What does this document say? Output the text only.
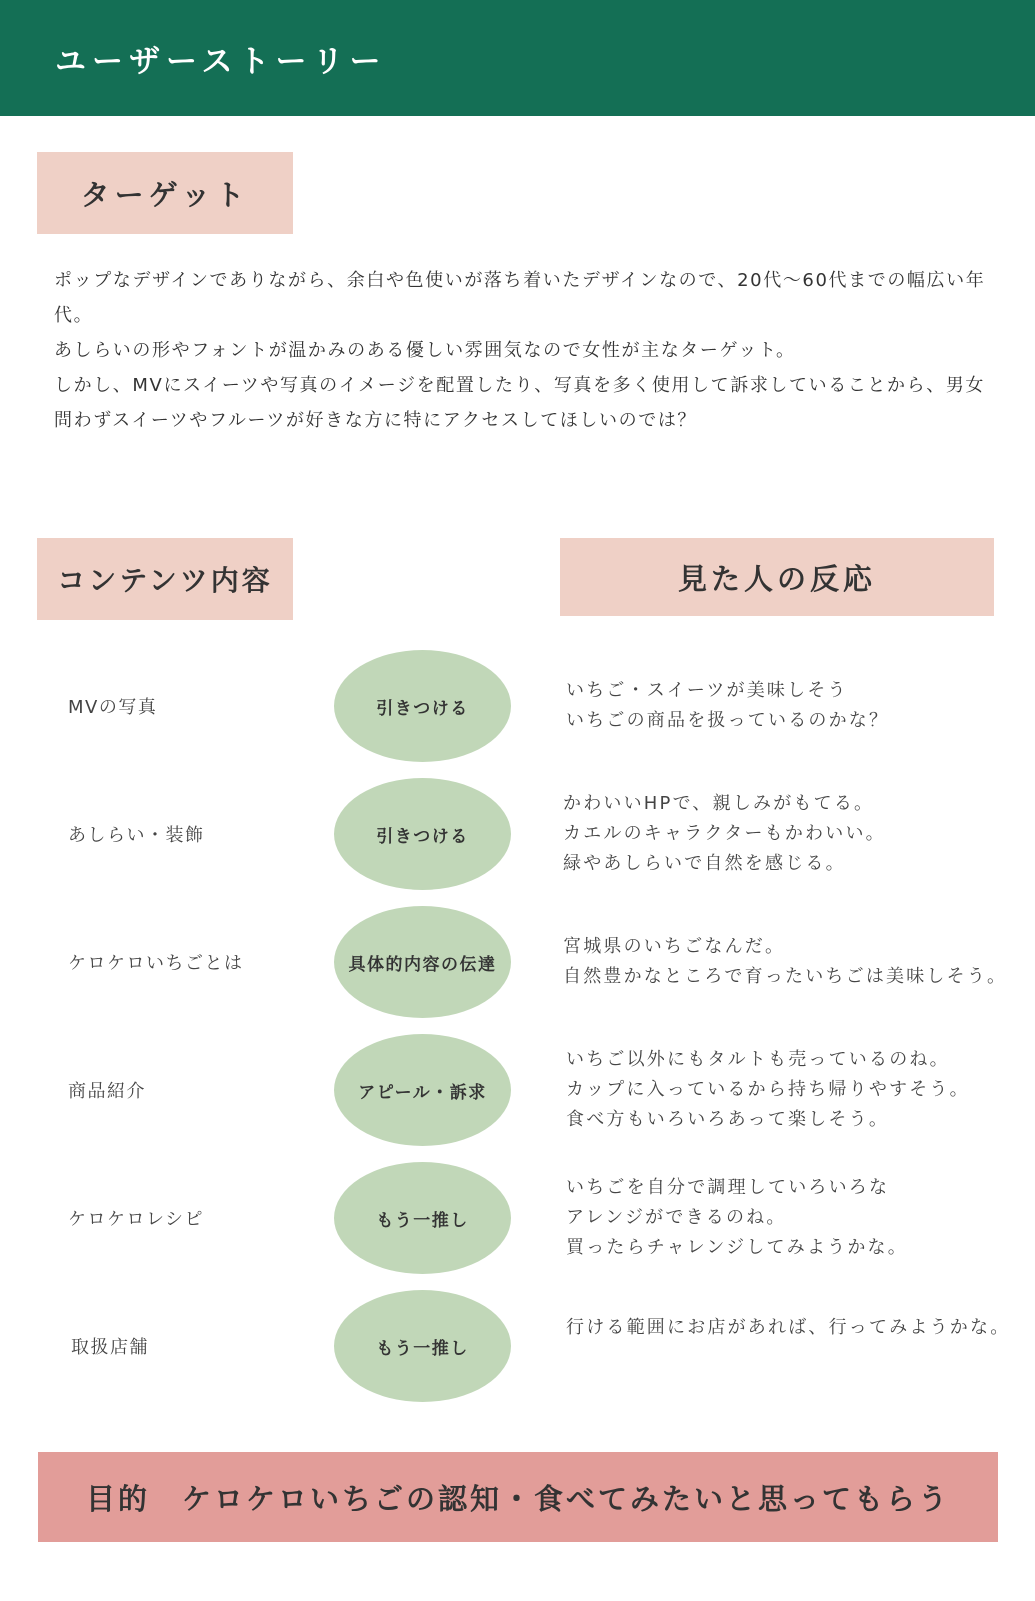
ユーザーストーリー
ターゲット

ポップなデザインでありながら、余白や色使いが落ち着いたデザインなので、20代〜60代までの幅広い年代。

あしらいの形やフォントが温かみのある優しい雰囲気なので女性が主なターゲット。

しかし、MVにスイーツや写真のイメージを配置したり、写真を多く使用して訴求していることから、男女問わずスイーツやフルーツが好きな方に特にアクセスしてほしいのでは？

コンテンツ内容	見た人の反応
MVの写真	引きつける
いちご・スイーツが美味しそう
いちごの商品を扱っているのかな？
あしらい・装飾	引きつける
かわいいHPで、親しみがもてる。
カエルのキャラクターもかわいい。
緑やあしらいで自然を感じる。
ケロケロいちごとは	具体的内容の伝達
宮城県のいちごなんだ。
自然豊かなところで育ったいちごは美味しそう。
商品紹介	アピール・訴求
いちご以外にもタルトも売っているのね。
カップに入っているから持ち帰りやすそう。
食べ方もいろいろあって楽しそう。
ケロケロレシピ	もう一推し
いちごを自分で調理していろいろな
アレンジができるのね。
買ったらチャレンジしてみようかな。
取扱店舗	もう一推し
行ける範囲にお店があれば、行ってみようかな。
目的　ケロケロいちごの認知・食べてみたいと思ってもらう
